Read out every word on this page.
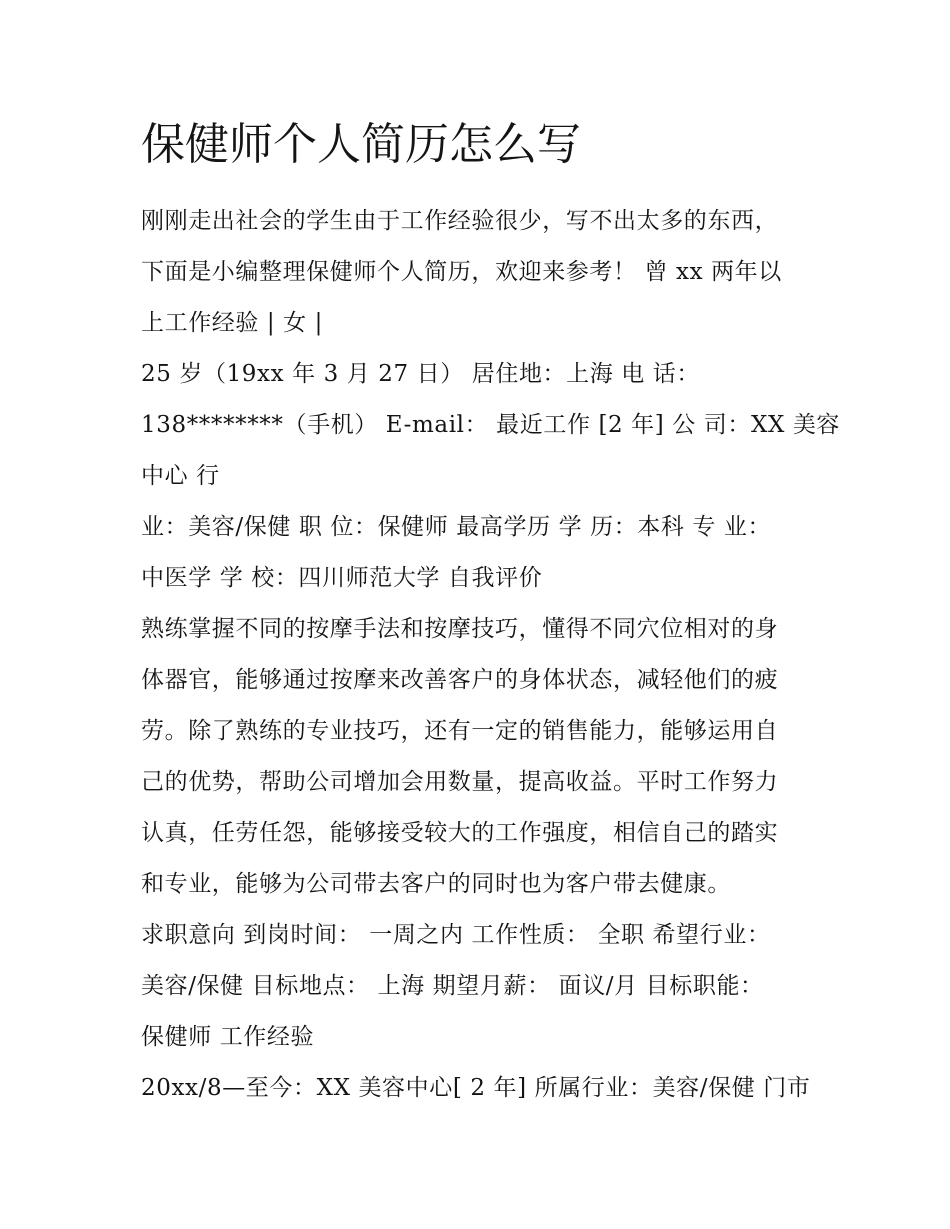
保健师个人简历怎么写
刚刚走出社会的学生由于工作经验很少，写不出太多的东西，
下面是小编整理保健师个人简历，欢迎来参考！ 曾 xx 两年以
上工作经验 | 女 |
25 岁（19xx 年 3 月 27 日） 居住地：上海 电 话：
138********（手机） E-mail： 最近工作 [2 年] 公 司：XX 美容
中心 行
业：美容/保健 职 位：保健师 最高学历 学 历：本科 专 业：
中医学 学 校：四川师范大学 自我评价
熟练掌握不同的按摩手法和按摩技巧，懂得不同穴位相对的身
体器官，能够通过按摩来改善客户的身体状态，减轻他们的疲
劳。除了熟练的专业技巧，还有一定的销售能力，能够运用自
己的优势，帮助公司增加会用数量，提高收益。平时工作努力
认真，任劳任怨，能够接受较大的工作强度，相信自己的踏实
和专业，能够为公司带去客户的同时也为客户带去健康。
求职意向 到岗时间： 一周之内 工作性质： 全职 希望行业：
美容/保健 目标地点： 上海 期望月薪： 面议/月 目标职能：
保健师 工作经验
20xx/8—至今：XX 美容中心[ 2 年] 所属行业：美容/保健 门市
